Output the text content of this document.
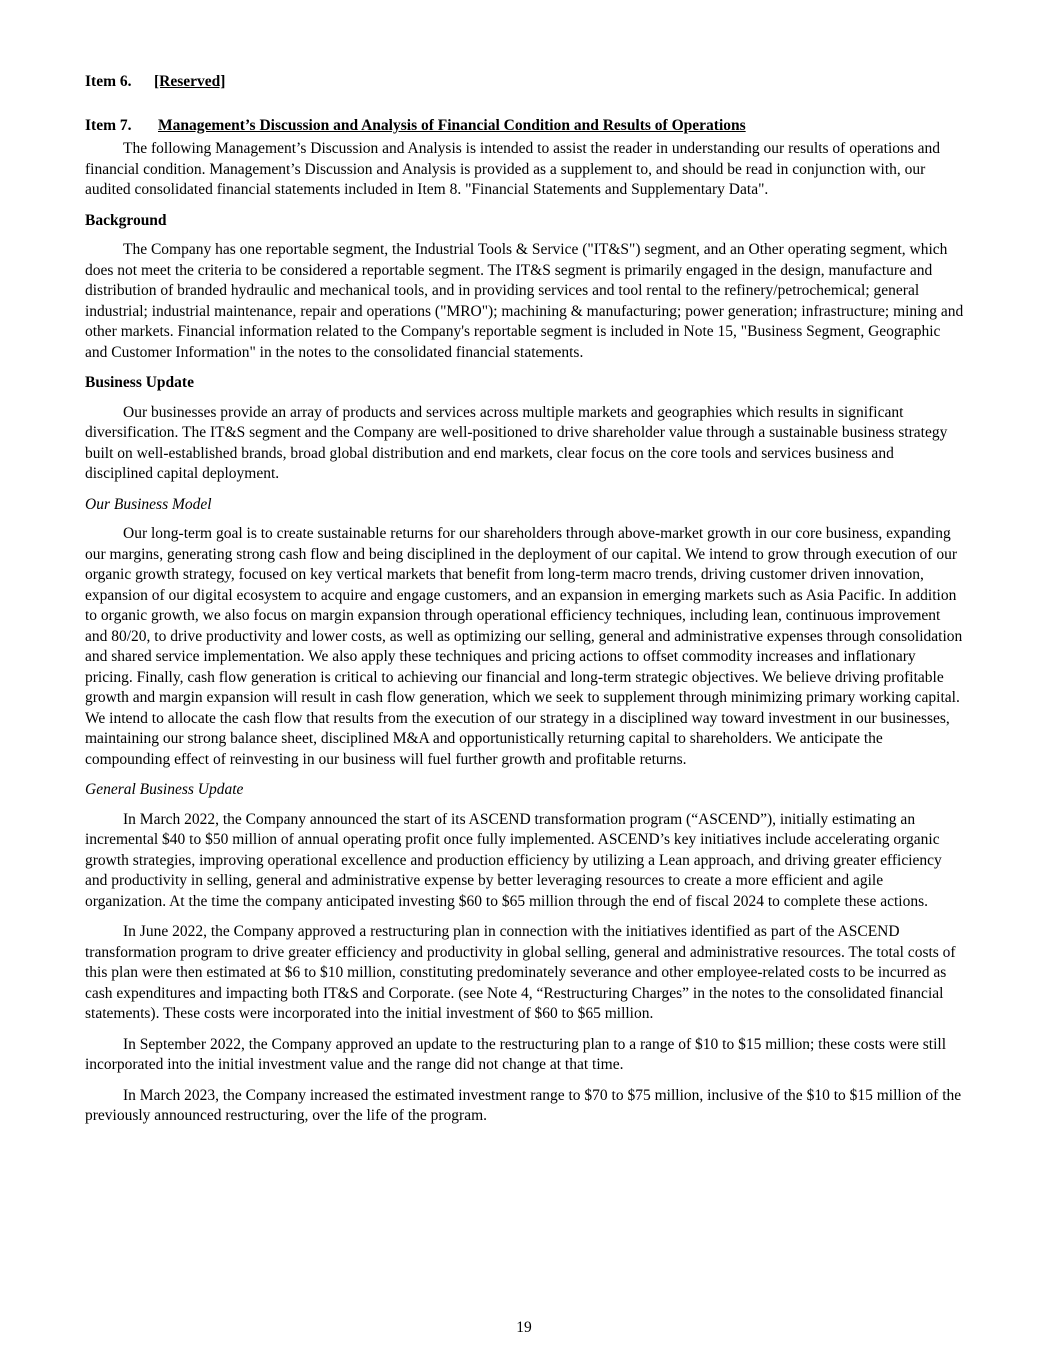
Item 6. [Reserved]

Item 7. Management’s Discussion and Analysis of Financial Condition and Results of Operations

The following Management’s Discussion and Analysis is intended to assist the reader in understanding our results of operations and financial condition. Management’s Discussion and Analysis is provided as a supplement to, and should be read in conjunction with, our audited consolidated financial statements included in Item 8. "Financial Statements and Supplementary Data".

Background

The Company has one reportable segment, the Industrial Tools & Service ("IT&S") segment, and an Other operating segment, which does not meet the criteria to be considered a reportable segment. The IT&S segment is primarily engaged in the design, manufacture and distribution of branded hydraulic and mechanical tools, and in providing services and tool rental to the refinery/petrochemical; general industrial; industrial maintenance, repair and operations ("MRO"); machining & manufacturing; power generation; infrastructure; mining and other markets. Financial information related to the Company's reportable segment is included in Note 15, "Business Segment, Geographic and Customer Information" in the notes to the consolidated financial statements.

Business Update

Our businesses provide an array of products and services across multiple markets and geographies which results in significant diversification. The IT&S segment and the Company are well-positioned to drive shareholder value through a sustainable business strategy built on well-established brands, broad global distribution and end markets, clear focus on the core tools and services business and disciplined capital deployment.

Our Business Model

Our long-term goal is to create sustainable returns for our shareholders through above-market growth in our core business, expanding our margins, generating strong cash flow and being disciplined in the deployment of our capital. We intend to grow through execution of our organic growth strategy, focused on key vertical markets that benefit from long-term macro trends, driving customer driven innovation, expansion of our digital ecosystem to acquire and engage customers, and an expansion in emerging markets such as Asia Pacific. In addition to organic growth, we also focus on margin expansion through operational efficiency techniques, including lean, continuous improvement and 80/20, to drive productivity and lower costs, as well as optimizing our selling, general and administrative expenses through consolidation and shared service implementation. We also apply these techniques and pricing actions to offset commodity increases and inflationary pricing. Finally, cash flow generation is critical to achieving our financial and long-term strategic objectives. We believe driving profitable growth and margin expansion will result in cash flow generation, which we seek to supplement through minimizing primary working capital. We intend to allocate the cash flow that results from the execution of our strategy in a disciplined way toward investment in our businesses, maintaining our strong balance sheet, disciplined M&A and opportunistically returning capital to shareholders. We anticipate the compounding effect of reinvesting in our business will fuel further growth and profitable returns.

General Business Update

In March 2022, the Company announced the start of its ASCEND transformation program (“ASCEND”), initially estimating an incremental $40 to $50 million of annual operating profit once fully implemented. ASCEND’s key initiatives include accelerating organic growth strategies, improving operational excellence and production efficiency by utilizing a Lean approach, and driving greater efficiency and productivity in selling, general and administrative expense by better leveraging resources to create a more efficient and agile organization. At the time the company anticipated investing $60 to $65 million through the end of fiscal 2024 to complete these actions.

In June 2022, the Company approved a restructuring plan in connection with the initiatives identified as part of the ASCEND transformation program to drive greater efficiency and productivity in global selling, general and administrative resources. The total costs of this plan were then estimated at $6 to $10 million, constituting predominately severance and other employee-related costs to be incurred as cash expenditures and impacting both IT&S and Corporate. (see Note 4, “Restructuring Charges” in the notes to the consolidated financial statements). These costs were incorporated into the initial investment of $60 to $65 million.

In September 2022, the Company approved an update to the restructuring plan to a range of $10 to $15 million; these costs were still incorporated into the initial investment value and the range did not change at that time.

In March 2023, the Company increased the estimated investment range to $70 to $75 million, inclusive of the $10 to $15 million of the previously announced restructuring, over the life of the program.

19
